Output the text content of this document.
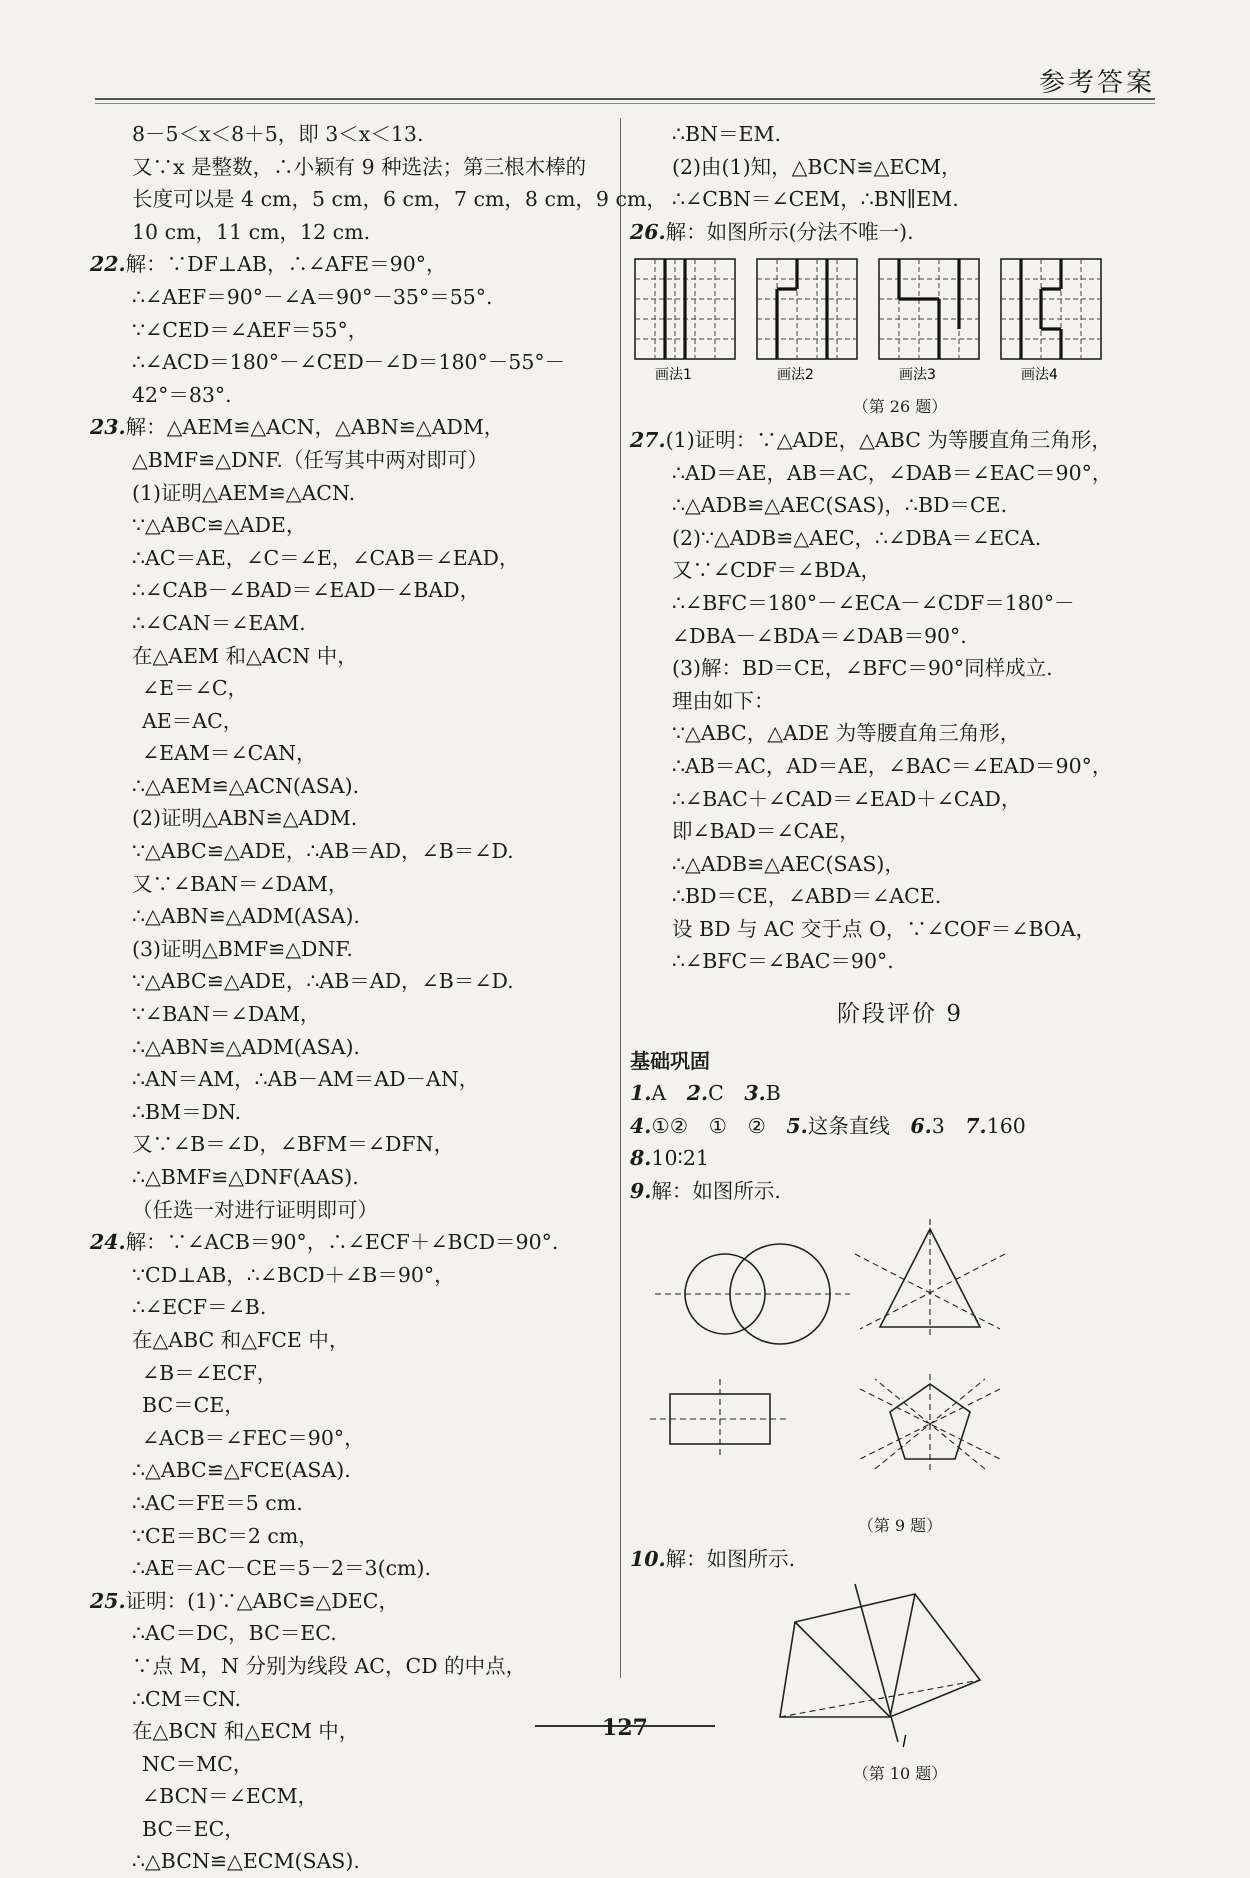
参考答案
8－5＜x＜8＋5，即 3＜x＜13.
又∵x 是整数，∴小颖有 9 种选法；第三根木棒的
长度可以是 4 cm，5 cm，6 cm，7 cm，8 cm，9 cm，
10 cm，11 cm，12 cm.
22.解：∵DF⊥AB，∴∠AFE＝90°，
∴∠AEF＝90°－∠A＝90°－35°＝55°.
∵∠CED＝∠AEF＝55°，
∴∠ACD＝180°－∠CED－∠D＝180°－55°－
42°＝83°.
23.解：△AEM≌△ACN，△ABN≌△ADM，
△BMF≌△DNF.（任写其中两对即可）
(1)证明△AEM≌△ACN.
∵△ABC≌△ADE，
∴AC＝AE，∠C＝∠E，∠CAB＝∠EAD，
∴∠CAB－∠BAD＝∠EAD－∠BAD，
∴∠CAN＝∠EAM.
在△AEM 和△ACN 中，
∠E＝∠C，
AE＝AC，
∠EAM＝∠CAN，
∴△AEM≌△ACN(ASA).
(2)证明△ABN≌△ADM.
∵△ABC≌△ADE，∴AB＝AD，∠B＝∠D.
又∵∠BAN＝∠DAM，
∴△ABN≌△ADM(ASA).
(3)证明△BMF≌△DNF.
∵△ABC≌△ADE，∴AB＝AD，∠B＝∠D.
∵∠BAN＝∠DAM，
∴△ABN≌△ADM(ASA).
∴AN＝AM，∴AB－AM＝AD－AN，
∴BM＝DN.
又∵∠B＝∠D，∠BFM＝∠DFN，
∴△BMF≌△DNF(AAS).
（任选一对进行证明即可）
24.解：∵∠ACB＝90°，∴∠ECF＋∠BCD＝90°.
∵CD⊥AB，∴∠BCD＋∠B＝90°，
∴∠ECF＝∠B.
在△ABC 和△FCE 中，
∠B＝∠ECF，
BC＝CE，
∠ACB＝∠FEC＝90°，
∴△ABC≌△FCE(ASA).
∴AC＝FE＝5 cm.
∵CE＝BC＝2 cm，
∴AE＝AC－CE＝5－2＝3(cm).
25.证明：(1)∵△ABC≌△DEC，
∴AC＝DC，BC＝EC.
∵点 M，N 分别为线段 AC，CD 的中点，
∴CM＝CN.
在△BCN 和△ECM 中，
NC＝MC，
∠BCN＝∠ECM，
BC＝EC，
∴△BCN≌△ECM(SAS).
∴BN＝EM.
(2)由(1)知，△BCN≌△ECM，
∴∠CBN＝∠CEM，∴BN∥EM.
26.解：如图所示(分法不唯一).
画法1	画法2	画法3	画法4
（第 26 题）
27.(1)证明：∵△ADE，△ABC 为等腰直角三角形，
∴AD＝AE，AB＝AC，∠DAB＝∠EAC＝90°，
∴△ADB≌△AEC(SAS)，∴BD＝CE.
(2)∵△ADB≌△AEC，∴∠DBA＝∠ECA.
又∵∠CDF＝∠BDA，
∴∠BFC＝180°－∠ECA－∠CDF＝180°－
∠DBA－∠BDA＝∠DAB＝90°.
(3)解：BD＝CE，∠BFC＝90°同样成立.
理由如下：
∵△ABC，△ADE 为等腰直角三角形，
∴AB＝AC，AD＝AE，∠BAC＝∠EAD＝90°，
∴∠BAC＋∠CAD＝∠EAD＋∠CAD，
即∠BAD＝∠CAE，
∴△ADB≌△AEC(SAS)，
∴BD＝CE，∠ABD＝∠ACE.
设 BD 与 AC 交于点 O，∵∠COF＝∠BOA，
∴∠BFC＝∠BAC＝90°.
阶段评价 9
基础巩固
1.A　2.C　3.B
4.①②　①　②　5.这条直线　6.3　7.160
8.10∶21
9.解：如图所示.
（第 9 题）
10.解：如图所示.
l
（第 10 题）
127
